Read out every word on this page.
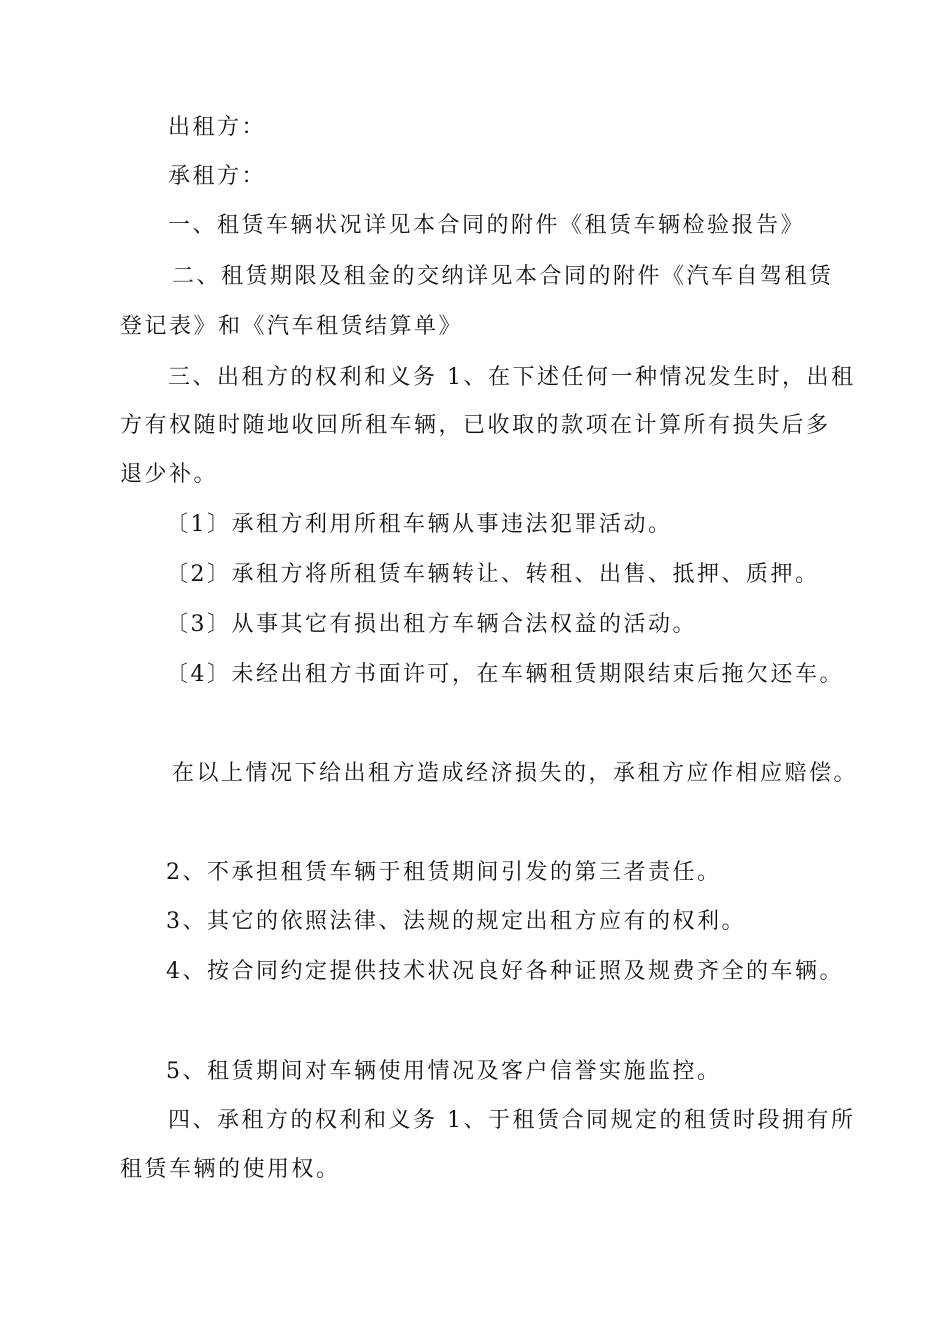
出租方：
承租方：
一、租赁车辆状况详见本合同的附件《租赁车辆检验报告》
二、租赁期限及租金的交纳详见本合同的附件《汽车自驾租赁
登记表》和《汽车租赁结算单》
三、出租方的权利和义务 1、在下述任何一种情况发生时，出租
方有权随时随地收回所租车辆，已收取的款项在计算所有损失后多
退少补。
〔1〕承租方利用所租车辆从事违法犯罪活动。
〔2〕承租方将所租赁车辆转让、转租、出售、抵押、质押。
〔3〕从事其它有损出租方车辆合法权益的活动。
〔4〕未经出租方书面许可，在车辆租赁期限结束后拖欠还车。
在以上情况下给出租方造成经济损失的，承租方应作相应赔偿。
2、不承担租赁车辆于租赁期间引发的第三者责任。
3、其它的依照法律、法规的规定出租方应有的权利。
4、按合同约定提供技术状况良好各种证照及规费齐全的车辆。
5、租赁期间对车辆使用情况及客户信誉实施监控。
四、承租方的权利和义务 1、于租赁合同规定的租赁时段拥有所
租赁车辆的使用权。
